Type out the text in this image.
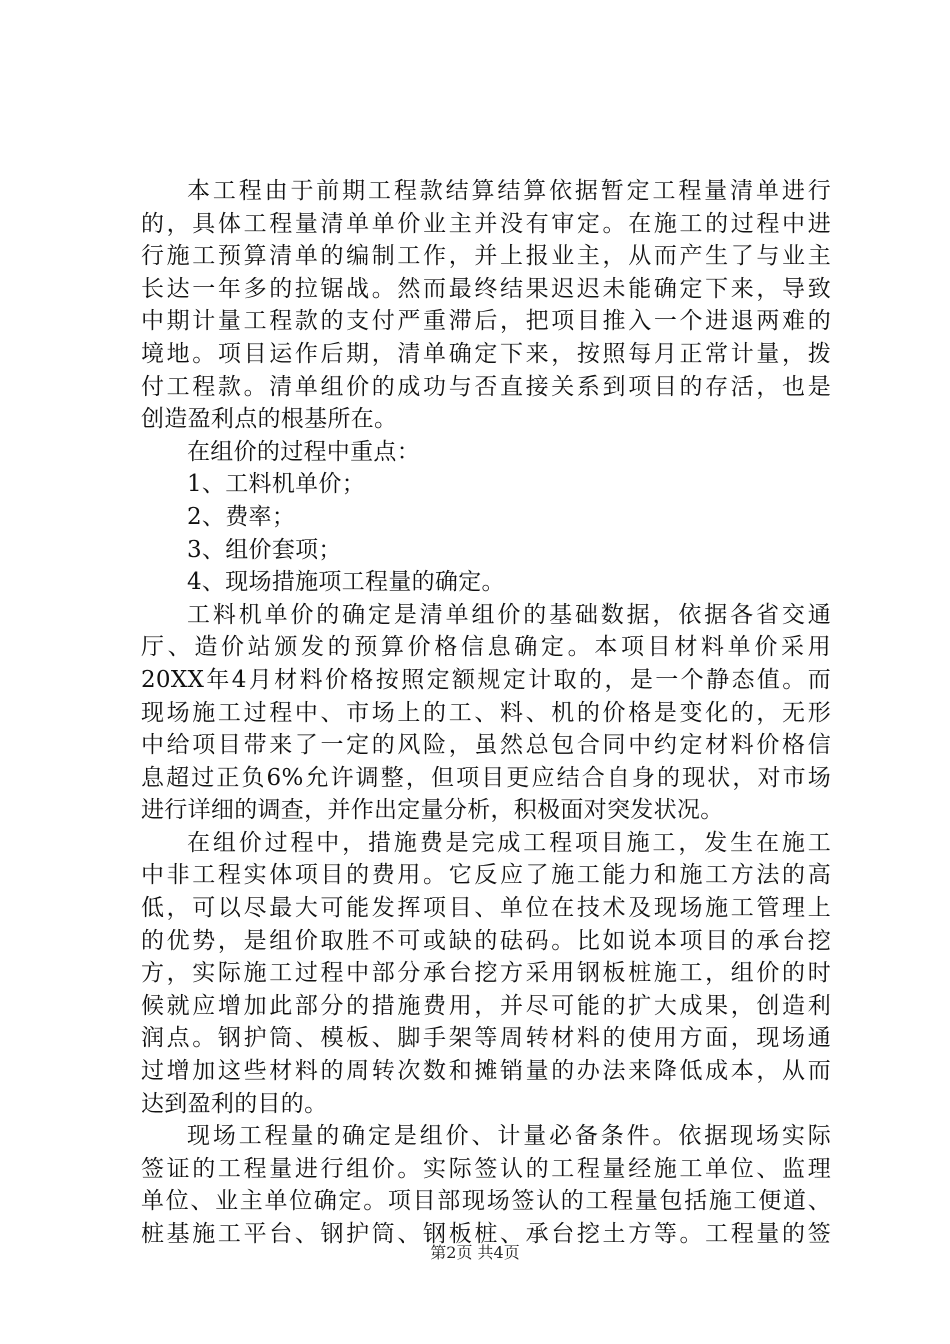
本工程由于前期工程款结算结算依据暂定工程量清单进行
的，具体工程量清单单价业主并没有审定。在施工的过程中进
行施工预算清单的编制工作，并上报业主，从而产生了与业主
长达一年多的拉锯战。然而最终结果迟迟未能确定下来，导致
中期计量工程款的支付严重滞后，把项目推入一个进退两难的
境地。项目运作后期，清单确定下来，按照每月正常计量，拨
付工程款。清单组价的成功与否直接关系到项目的存活，也是
创造盈利点的根基所在。
在组价的过程中重点：
1、工料机单价；
2、费率；
3、组价套项；
4、现场措施项工程量的确定。
工料机单价的确定是清单组价的基础数据，依据各省交通
厅、造价站颁发的预算价格信息确定。本项目材料单价采用
20XX年4月材料价格按照定额规定计取的，是一个静态值。而
现场施工过程中、市场上的工、料、机的价格是变化的，无形
中给项目带来了一定的风险，虽然总包合同中约定材料价格信
息超过正负6%允许调整，但项目更应结合自身的现状，对市场
进行详细的调查，并作出定量分析，积极面对突发状况。
在组价过程中，措施费是完成工程项目施工，发生在施工
中非工程实体项目的费用。它反应了施工能力和施工方法的高
低，可以尽最大可能发挥项目、单位在技术及现场施工管理上
的优势，是组价取胜不可或缺的砝码。比如说本项目的承台挖
方，实际施工过程中部分承台挖方采用钢板桩施工，组价的时
候就应增加此部分的措施费用，并尽可能的扩大成果，创造利
润点。钢护筒、模板、脚手架等周转材料的使用方面，现场通
过增加这些材料的周转次数和摊销量的办法来降低成本，从而
达到盈利的目的。
现场工程量的确定是组价、计量必备条件。依据现场实际
签证的工程量进行组价。实际签认的工程量经施工单位、监理
单位、业主单位确定。项目部现场签认的工程量包括施工便道、
桩基施工平台、钢护筒、钢板桩、承台挖土方等。工程量的签
第2页 共4页
